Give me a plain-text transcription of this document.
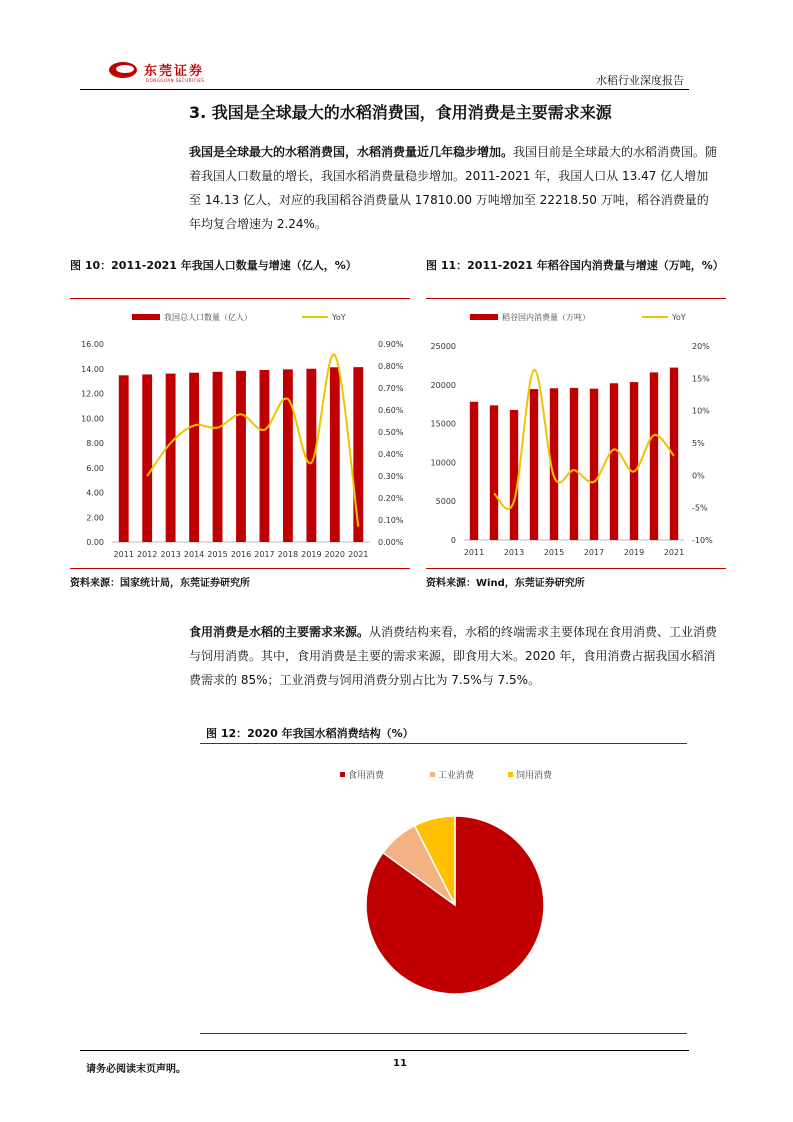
东莞证券
DONGGUAN SECURITIES	水稻行业深度报告
3. 我国是全球最大的水稻消费国，食用消费是主要需求来源
我国是全球最大的水稻消费国，水稻消费量近几年稳步增加。我国目前是全球最大的水稻消费国。随着我国人口数量的增长，我国水稻消费量稳步增加。2011-2021 年，我国人口从 13.47 亿人增加至 14.13 亿人，对应的我国稻谷消费量从 17810.00 万吨增加至 22218.50 万吨，稻谷消费量的年均复合增速为 2.24%。
图 10：2011-2021 年我国人口数量与增速（亿人，%）	图 11：2011-2021 年稻谷国内消费量与增速（万吨，%）
我国总人口数量（亿人）	YoY
0.00
2.00
4.00
6.00
8.00
10.00
12.00
14.00
16.00
0.00%
0.10%
0.20%
0.30%
0.40%
0.50%
0.60%
0.70%
0.80%
0.90%
2011 2012 2013 2014 2015 2016 2017 2018 2019 2020 2021
稻谷国内消费量（万吨）	YoY
0
5000
10000
15000
20000
25000
-10%
-5%
0%
5%
10%
15%
20%
2011 2013 2015 2017 2019 2021
资料来源：国家统计局，东莞证券研究所	资料来源：Wind，东莞证券研究所
食用消费是水稻的主要需求来源。从消费结构来看，水稻的终端需求主要体现在食用消费、工业消费与饲用消费。其中，食用消费是主要的需求来源，即食用大米。2020 年，食用消费占据我国水稻消费需求的 85%；工业消费与饲用消费分别占比为 7.5%与 7.5%。
图 12：2020 年我国水稻消费结构（%）
食用消费	工业消费	饲用消费
请务必阅读末页声明。
11
